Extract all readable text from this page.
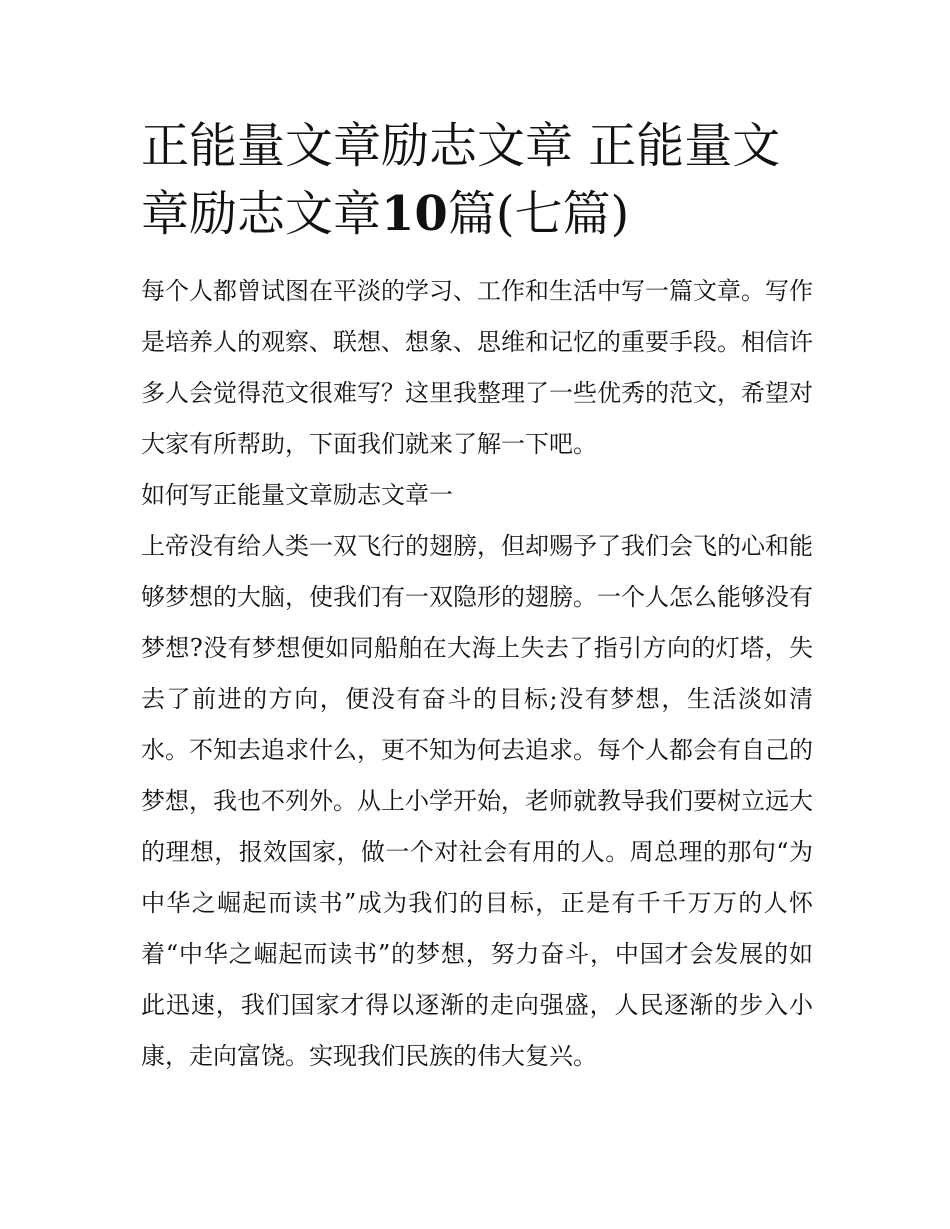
正能量文章励志文章 正能量文章励志文章10篇(七篇)

每个人都曾试图在平淡的学习、工作和生活中写一篇文章。写作是培养人的观察、联想、想象、思维和记忆的重要手段。相信许多人会觉得范文很难写？这里我整理了一些优秀的范文，希望对大家有所帮助，下面我们就来了解一下吧。

如何写正能量文章励志文章一

上帝没有给人类一双飞行的翅膀，但却赐予了我们会飞的心和能够梦想的大脑，使我们有一双隐形的翅膀。一个人怎么能够没有梦想?没有梦想便如同船舶在大海上失去了指引方向的灯塔，失去了前进的方向，便没有奋斗的目标;没有梦想，生活淡如清水。不知去追求什么，更不知为何去追求。每个人都会有自己的梦想，我也不列外。从上小学开始，老师就教导我们要树立远大的理想，报效国家，做一个对社会有用的人。周总理的那句“为中华之崛起而读书”成为我们的目标，正是有千千万万的人怀着“中华之崛起而读书”的梦想，努力奋斗，中国才会发展的如此迅速，我们国家才得以逐渐的走向强盛，人民逐渐的步入小康，走向富饶。实现我们民族的伟大复兴。
